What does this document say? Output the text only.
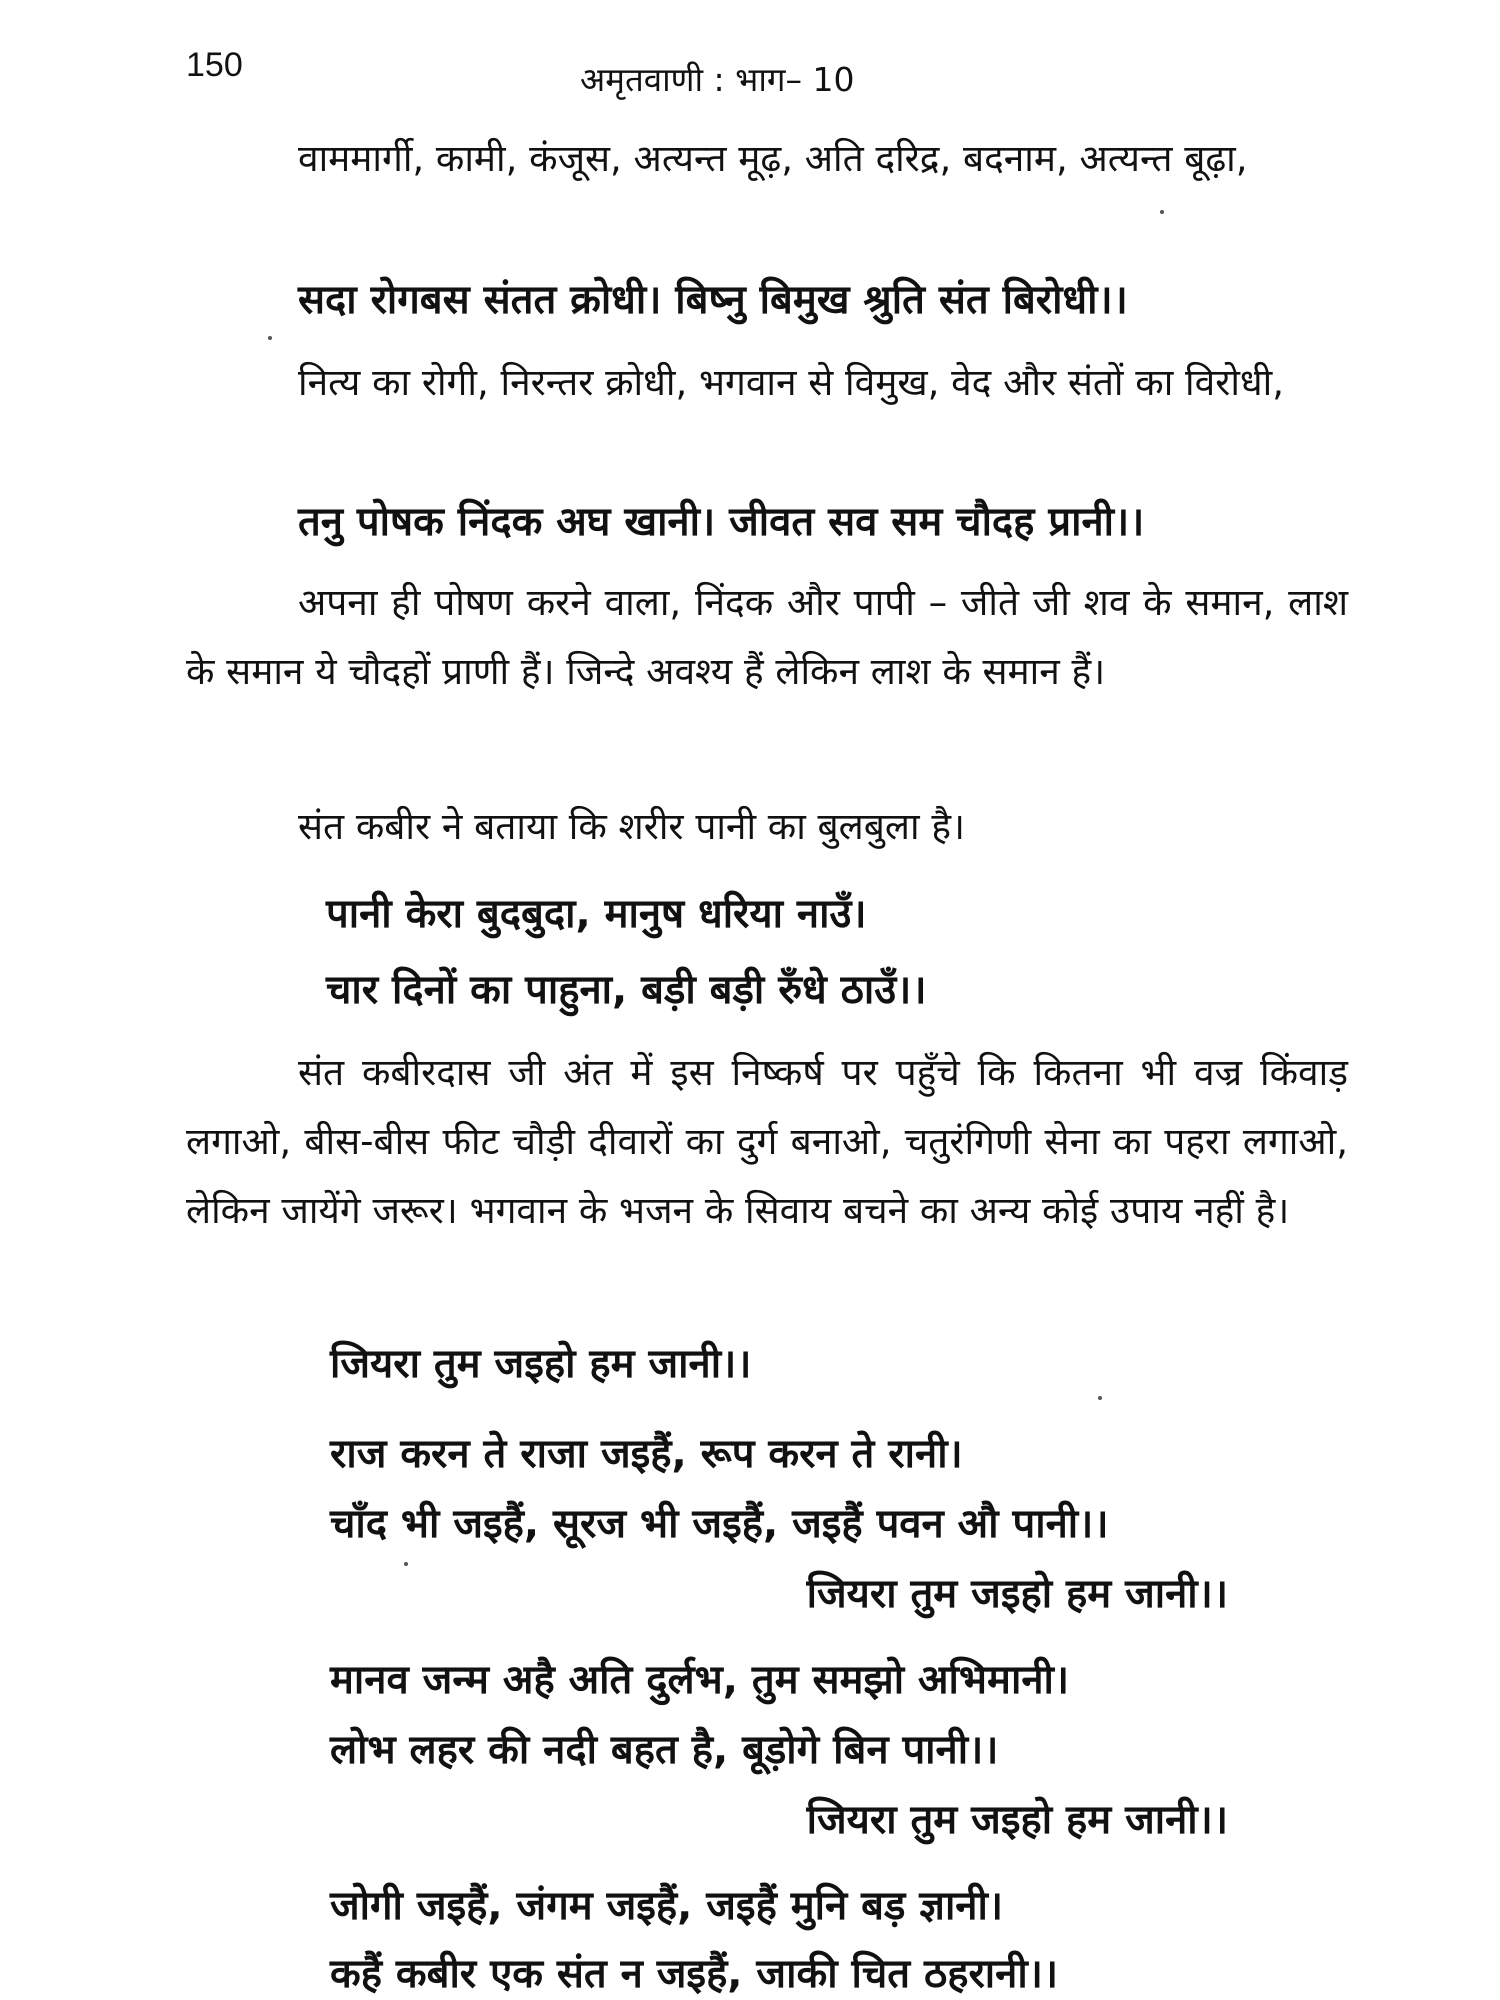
150	अमृतवाणी : भाग– 10

वाममार्गी, कामी, कंजूस, अत्यन्त मूढ़, अति दरिद्र, बदनाम, अत्यन्त बूढ़ा,

सदा रोगबस संतत क्रोधी। बिष्नु बिमुख श्रुति संत बिरोधी।।

नित्य का रोगी, निरन्तर क्रोधी, भगवान से विमुख, वेद और संतों का विरोधी,

तनु पोषक निंदक अघ खानी। जीवत सव सम चौदह प्रानी।।

अपना ही पोषण करने वाला, निंदक और पापी – जीते जी शव के समान, लाश के समान ये चौदहों प्राणी हैं। जिन्दे अवश्य हैं लेकिन लाश के समान हैं।

संत कबीर ने बताया कि शरीर पानी का बुलबुला है।

पानी केरा बुदबुदा, मानुष धरिया नाउँ।

चार दिनों का पाहुना, बड़ी बड़ी रुँधे ठाउँ।।

संत कबीरदास जी अंत में इस निष्कर्ष पर पहुँचे कि कितना भी वज्र किंवाड़ लगाओ, बीस-बीस फीट चौड़ी दीवारों का दुर्ग बनाओ, चतुरंगिणी सेना का पहरा लगाओ, लेकिन जायेंगे जरूर। भगवान के भजन के सिवाय बचने का अन्य कोई उपाय नहीं है।

जियरा तुम जइहो हम जानी।।

राज करन ते राजा जइहैं, रूप करन ते रानी।

चाँद भी जइहैं, सूरज भी जइहैं, जइहैं पवन औ पानी।।

जियरा तुम जइहो हम जानी।।

मानव जन्म अहै अति दुर्लभ, तुम समझो अभिमानी।

लोभ लहर की नदी बहत है, बूड़ोगे बिन पानी।।

जियरा तुम जइहो हम जानी।।

जोगी जइहैं, जंगम जइहैं, जइहैं मुनि बड़ ज्ञानी।

कहैं कबीर एक संत न जइहैं, जाकी चित ठहरानी।।
